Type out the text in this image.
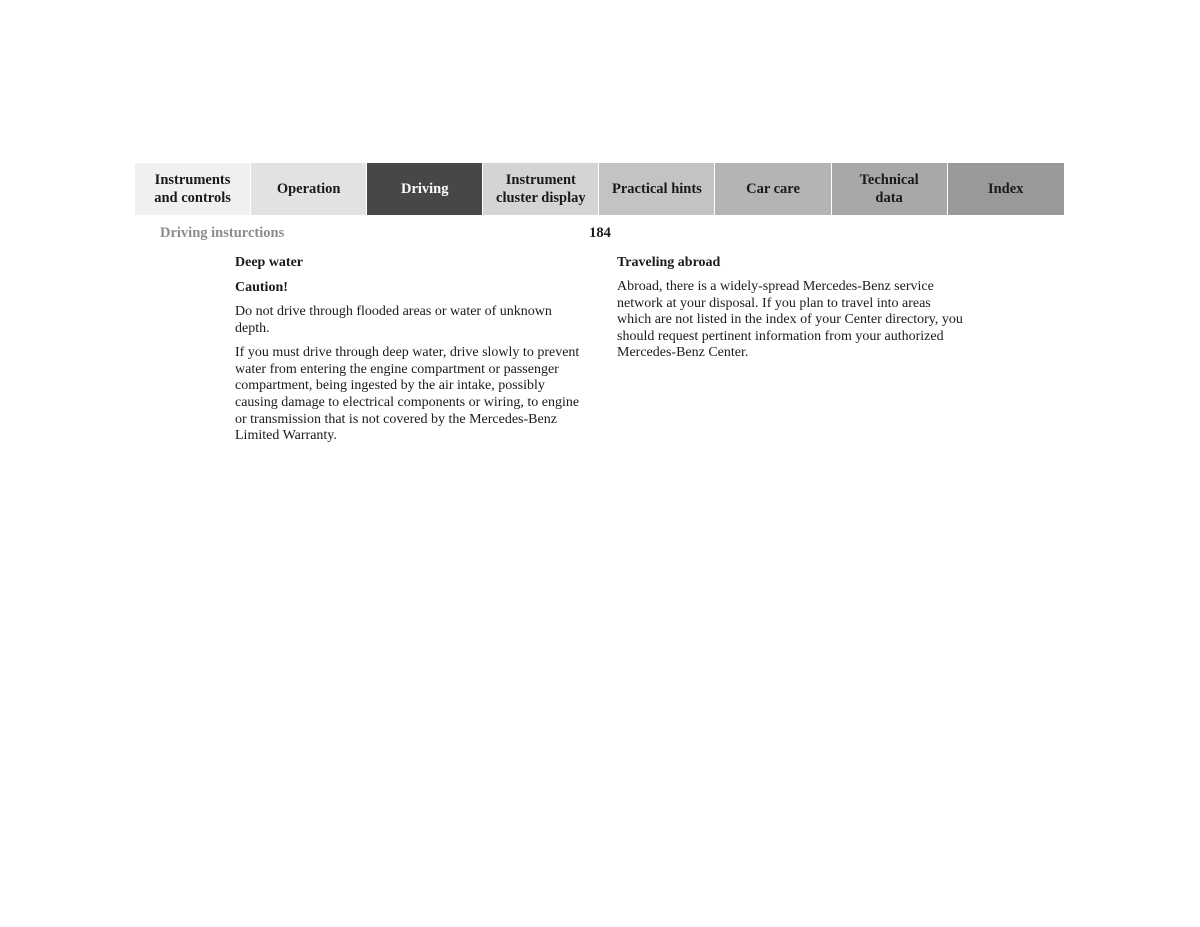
Instruments
and controls
Operation	Driving
Instrument
cluster display
Practical hints	Car care
Technical
data
Index
Driving insturctions	184
Deep water
Caution!

Do not drive through flooded areas or water of unknown depth.

If you must drive through deep water, drive slowly to prevent water from entering the engine compartment or passenger compartment, being ingested by the air intake, possibly causing damage to electrical components or wiring, to engine or transmission that is not covered by the Mercedes-Benz Limited Warranty.

Traveling abroad

Abroad, there is a widely-spread Mercedes-Benz service network at your disposal. If you plan to travel into areas which are not listed in the index of your Center directory, you should request pertinent information from your authorized Mercedes-Benz Center.
